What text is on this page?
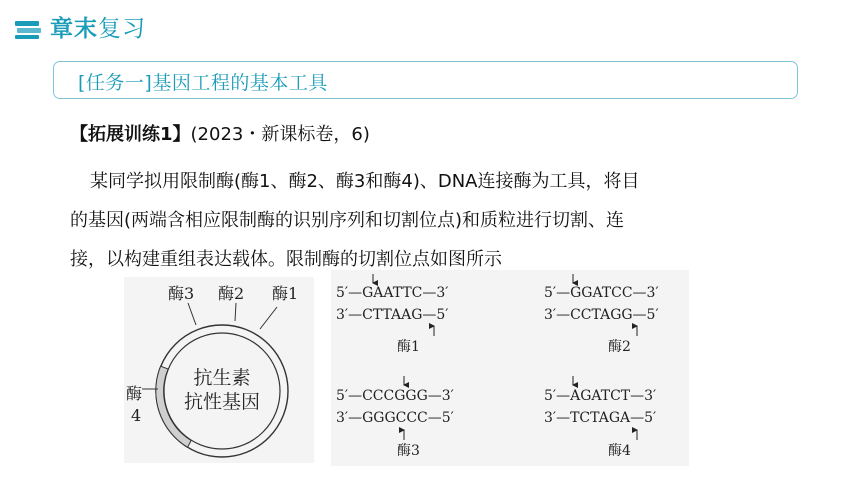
章末复习
[任务一]基因工程的基本工具
【拓展训练1】(2023・新课标卷，6)
某同学拟用限制酶(酶1、酶2、酶3和酶4)、DNA连接酶为工具，将目
的基因(两端含相应限制酶的识别序列和切割位点)和质粒进行切割、连
接，以构建重组表达载体。限制酶的切割位点如图所示
酶3 酶2 酶1
酶
4
抗生素
抗性基因
5′—GAATTC—3′
3′—CTTAAG—5′
酶1
5′—GGATCC—3′
3′—CCTAGG—5′
酶2
5′—CCCGGG—3′
3′—GGGCCC—5′
酶3
5′—AGATCT—3′
3′—TCTAGA—5′
酶4
